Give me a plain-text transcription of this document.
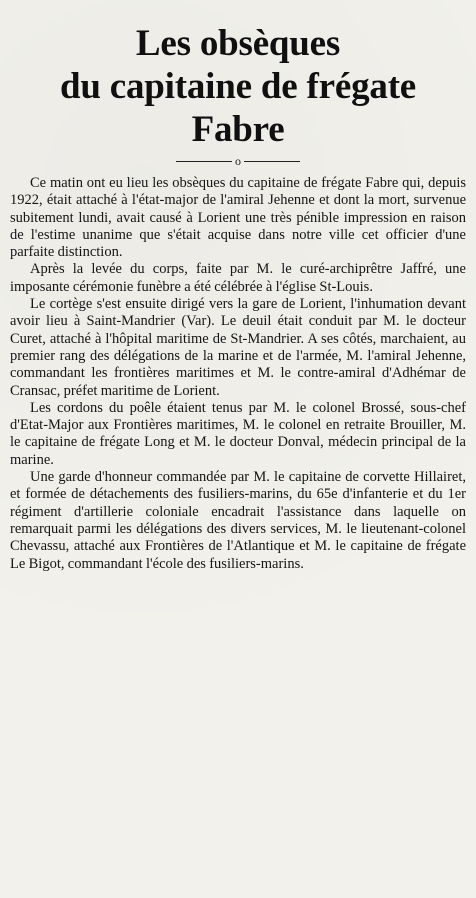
Les obsèques
du capitaine de frégate
Fabre
o

Ce matin ont eu lieu les obsèques du capitaine de frégate Fabre qui, depuis 1922, était attaché à l'état-major de l'amiral Jehenne et dont la mort, survenue subitement lundi, avait causé à Lorient une très pénible impression en raison de l'estime unanime que s'était acquise dans notre ville cet officier d'une parfaite distinction.

Après la levée du corps, faite par M. le curé-archiprêtre Jaffré, une imposante cérémonie funèbre a été célébrée à l'église St-Louis.

Le cortège s'est ensuite dirigé vers la gare de Lorient, l'inhumation devant avoir lieu à Saint-Mandrier (Var). Le deuil était conduit par M. le docteur Curet, attaché à l'hôpital maritime de St-Mandrier. A ses côtés, marchaient, au premier rang des délégations de la marine et de l'armée, M. l'amiral Jehenne, commandant les frontières maritimes et M. le contre-amiral d'Adhémar de Cransac, préfet maritime de Lorient.

Les cordons du poêle étaient tenus par M. le colonel Brossé, sous-chef d'Etat-Major aux Frontières maritimes, M. le colonel en retraite Brouiller, M. le capitaine de frégate Long et M. le docteur Donval, médecin principal de la marine.

Une garde d'honneur commandée par M. le capitaine de corvette Hillairet, et formée de détachements des fusiliers-marins, du 65e d'infanterie et du 1er régiment d'artillerie coloniale encadrait l'assistance dans laquelle on remarquait parmi les délégations des divers services, M. le lieutenant-colonel Chevassu, attaché aux Frontières de l'Atlantique et M. le capitaine de frégate Le Bigot, commandant l'école des fusiliers-marins.
